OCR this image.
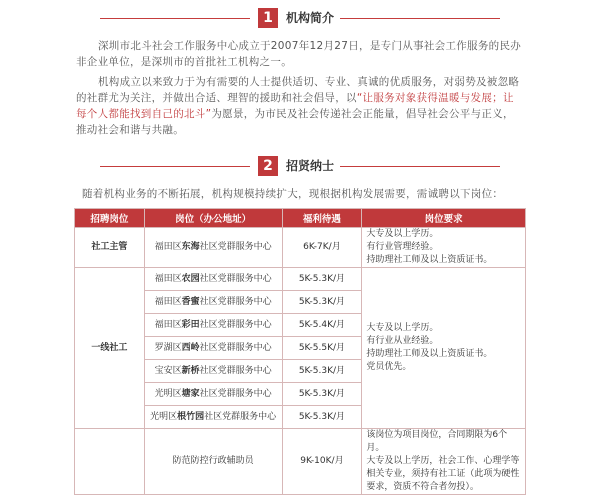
1	机构简介
深圳市北斗社会工作服务中心成立于2007年12月27日，是专门从事社会工作服务的民办非企业单位，是深圳市的首批社工机构之一。
机构成立以来致力于为有需要的人士提供适切、专业、真诚的优质服务，对弱势及被忽略的社群尤为关注，并做出合适、理智的援助和社会倡导，以“让服务对象获得温暖与发展；让每个人都能找到自己的北斗”为愿景，为市民及社会传递社会正能量，倡导社会公平与正义，推动社会和谐与共融。
2	招贤纳士
随着机构业务的不断拓展，机构规模持续扩大，现根据机构发展需要，需诚聘以下岗位：
招聘岗位	岗位（办公地址）	福利待遇	岗位要求
社工主管	福田区东海社区党群服务中心	6K-7K/月	大专及以上学历。
有行业管理经验。
持助理社工师及以上资质证书。

一线社工	福田区农园社区党群服务中心	5K-5.3K/月	大专及以上学历。
有行业从业经验。
持助理社工师及以上资质证书。
党员优先。

	福田区香蜜社区党群服务中心	5K-5.3K/月	
	福田区彩田社区党群服务中心	5K-5.4K/月	
	罗湖区西岭社区党群服务中心	5K-5.5K/月	
	宝安区新桥社区党群服务中心	5K-5.3K/月	
	光明区塘家社区党群服务中心	5K-5.3K/月	
	光明区根竹园社区党群服务中心	5K-5.3K/月	
	防范防控行政辅助员	9K-10K/月	该岗位为项目岗位，合同期限为6个月。
大专及以上学历，社会工作、心理学等相关专业，须持有社工证（此项为硬性要求，资质不符合者勿投）。
